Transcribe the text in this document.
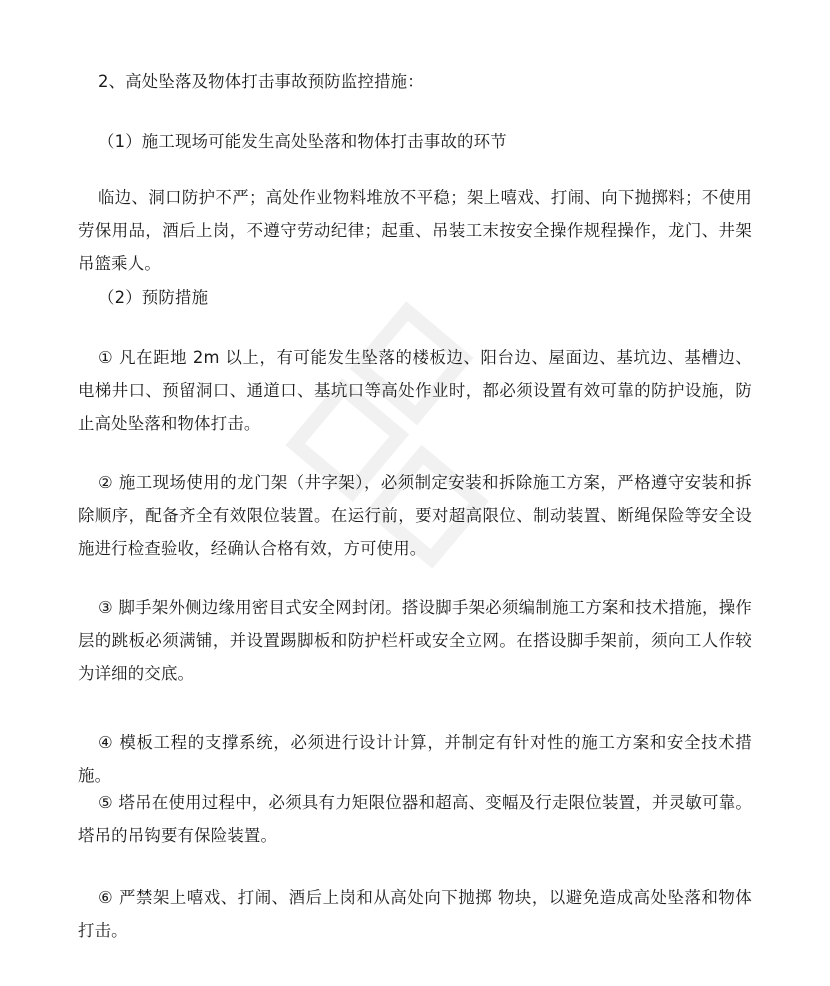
2、高处坠落及物体打击事故预防监控措施：

（1）施工现场可能发生高处坠落和物体打击事故的环节

临边、洞口防护不严；高处作业物料堆放不平稳；架上嘻戏、打闹、向下抛掷料；不使用劳保用品，酒后上岗，不遵守劳动纪律；起重、吊装工末按安全操作规程操作，龙门、井架吊篮乘人。

（2）预防措施

① 凡在距地 2m 以上，有可能发生坠落的楼板边、阳台边、屋面边、基坑边、基槽边、电梯井口、预留洞口、通道口、基坑口等高处作业时，都必须设置有效可靠的防护设施，防止高处坠落和物体打击。

② 施工现场使用的龙门架（井字架），必须制定安装和拆除施工方案，严格遵守安装和拆除顺序，配备齐全有效限位装置。在运行前，要对超高限位、制动装置、断绳保险等安全设施进行检查验收，经确认合格有效，方可使用。

③ 脚手架外侧边缘用密目式安全网封闭。搭设脚手架必须编制施工方案和技术措施，操作层的跳板必须满铺，并设置踢脚板和防护栏杆或安全立网。在搭设脚手架前，须向工人作较为详细的交底。

④ 模板工程的支撑系统，必须进行设计计算，并制定有针对性的施工方案和安全技术措施。

⑤ 塔吊在使用过程中，必须具有力矩限位器和超高、变幅及行走限位装置，并灵敏可靠。塔吊的吊钩要有保险装置。

⑥ 严禁架上嘻戏、打闹、酒后上岗和从高处向下抛掷 物块，以避免造成高处坠落和物体打击。
